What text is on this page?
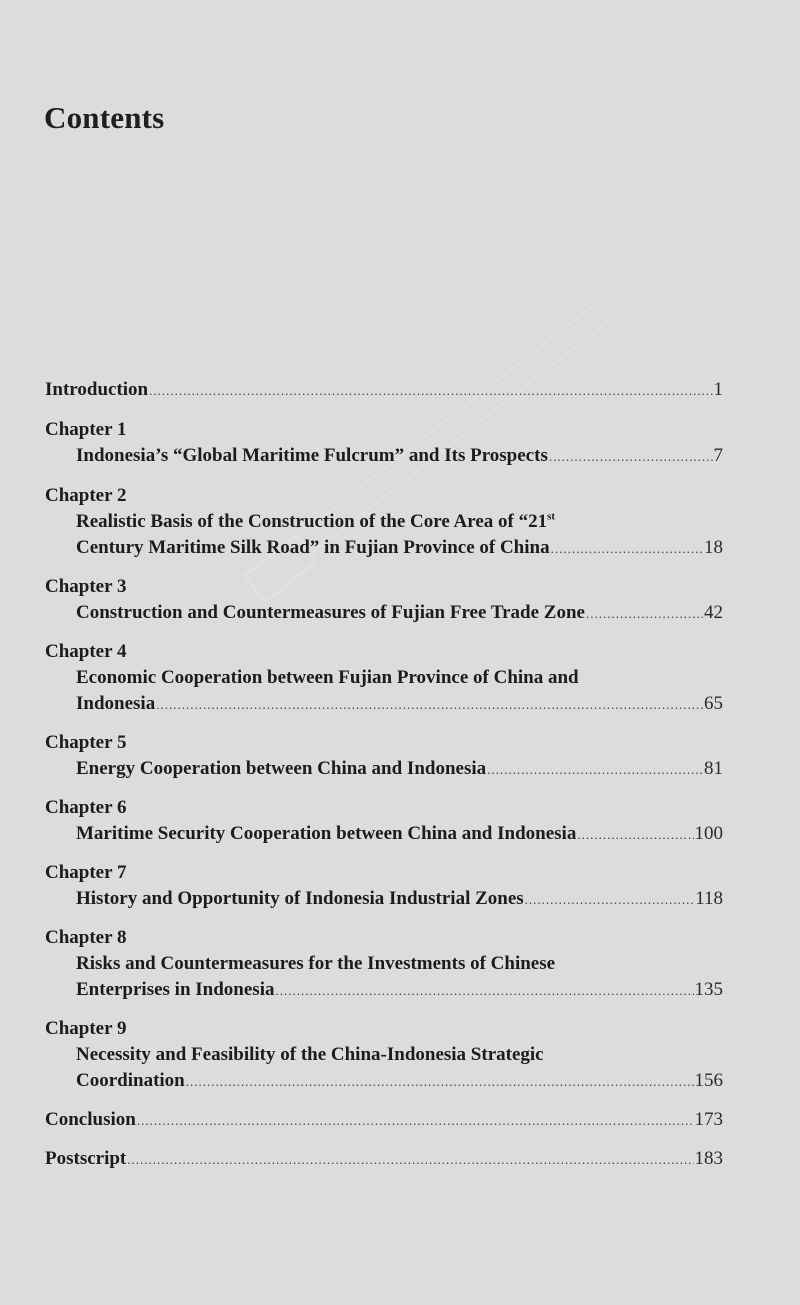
Contents
Introduction .....	1
Chapter 1
Indonesia’s “Global Maritime Fulcrum” and Its Prospects .....	7
Chapter 2
Realistic Basis of the Construction of the Core Area of “21st
Century Maritime Silk Road” in Fujian Province of China .....	18
Chapter 3
Construction and Countermeasures of Fujian Free Trade Zone .....	42
Chapter 4
Economic Cooperation between Fujian Province of China and
Indonesia .....	65
Chapter 5
Energy Cooperation between China and Indonesia .....	81
Chapter 6
Maritime Security Cooperation between China and Indonesia .....	100
Chapter 7
History and Opportunity of Indonesia Industrial Zones .....	118
Chapter 8
Risks and Countermeasures for the Investments of Chinese
Enterprises in Indonesia .....	135
Chapter 9
Necessity and Feasibility of the China-Indonesia Strategic
Coordination .....	156
Conclusion .....	173
Postscript .....	183
